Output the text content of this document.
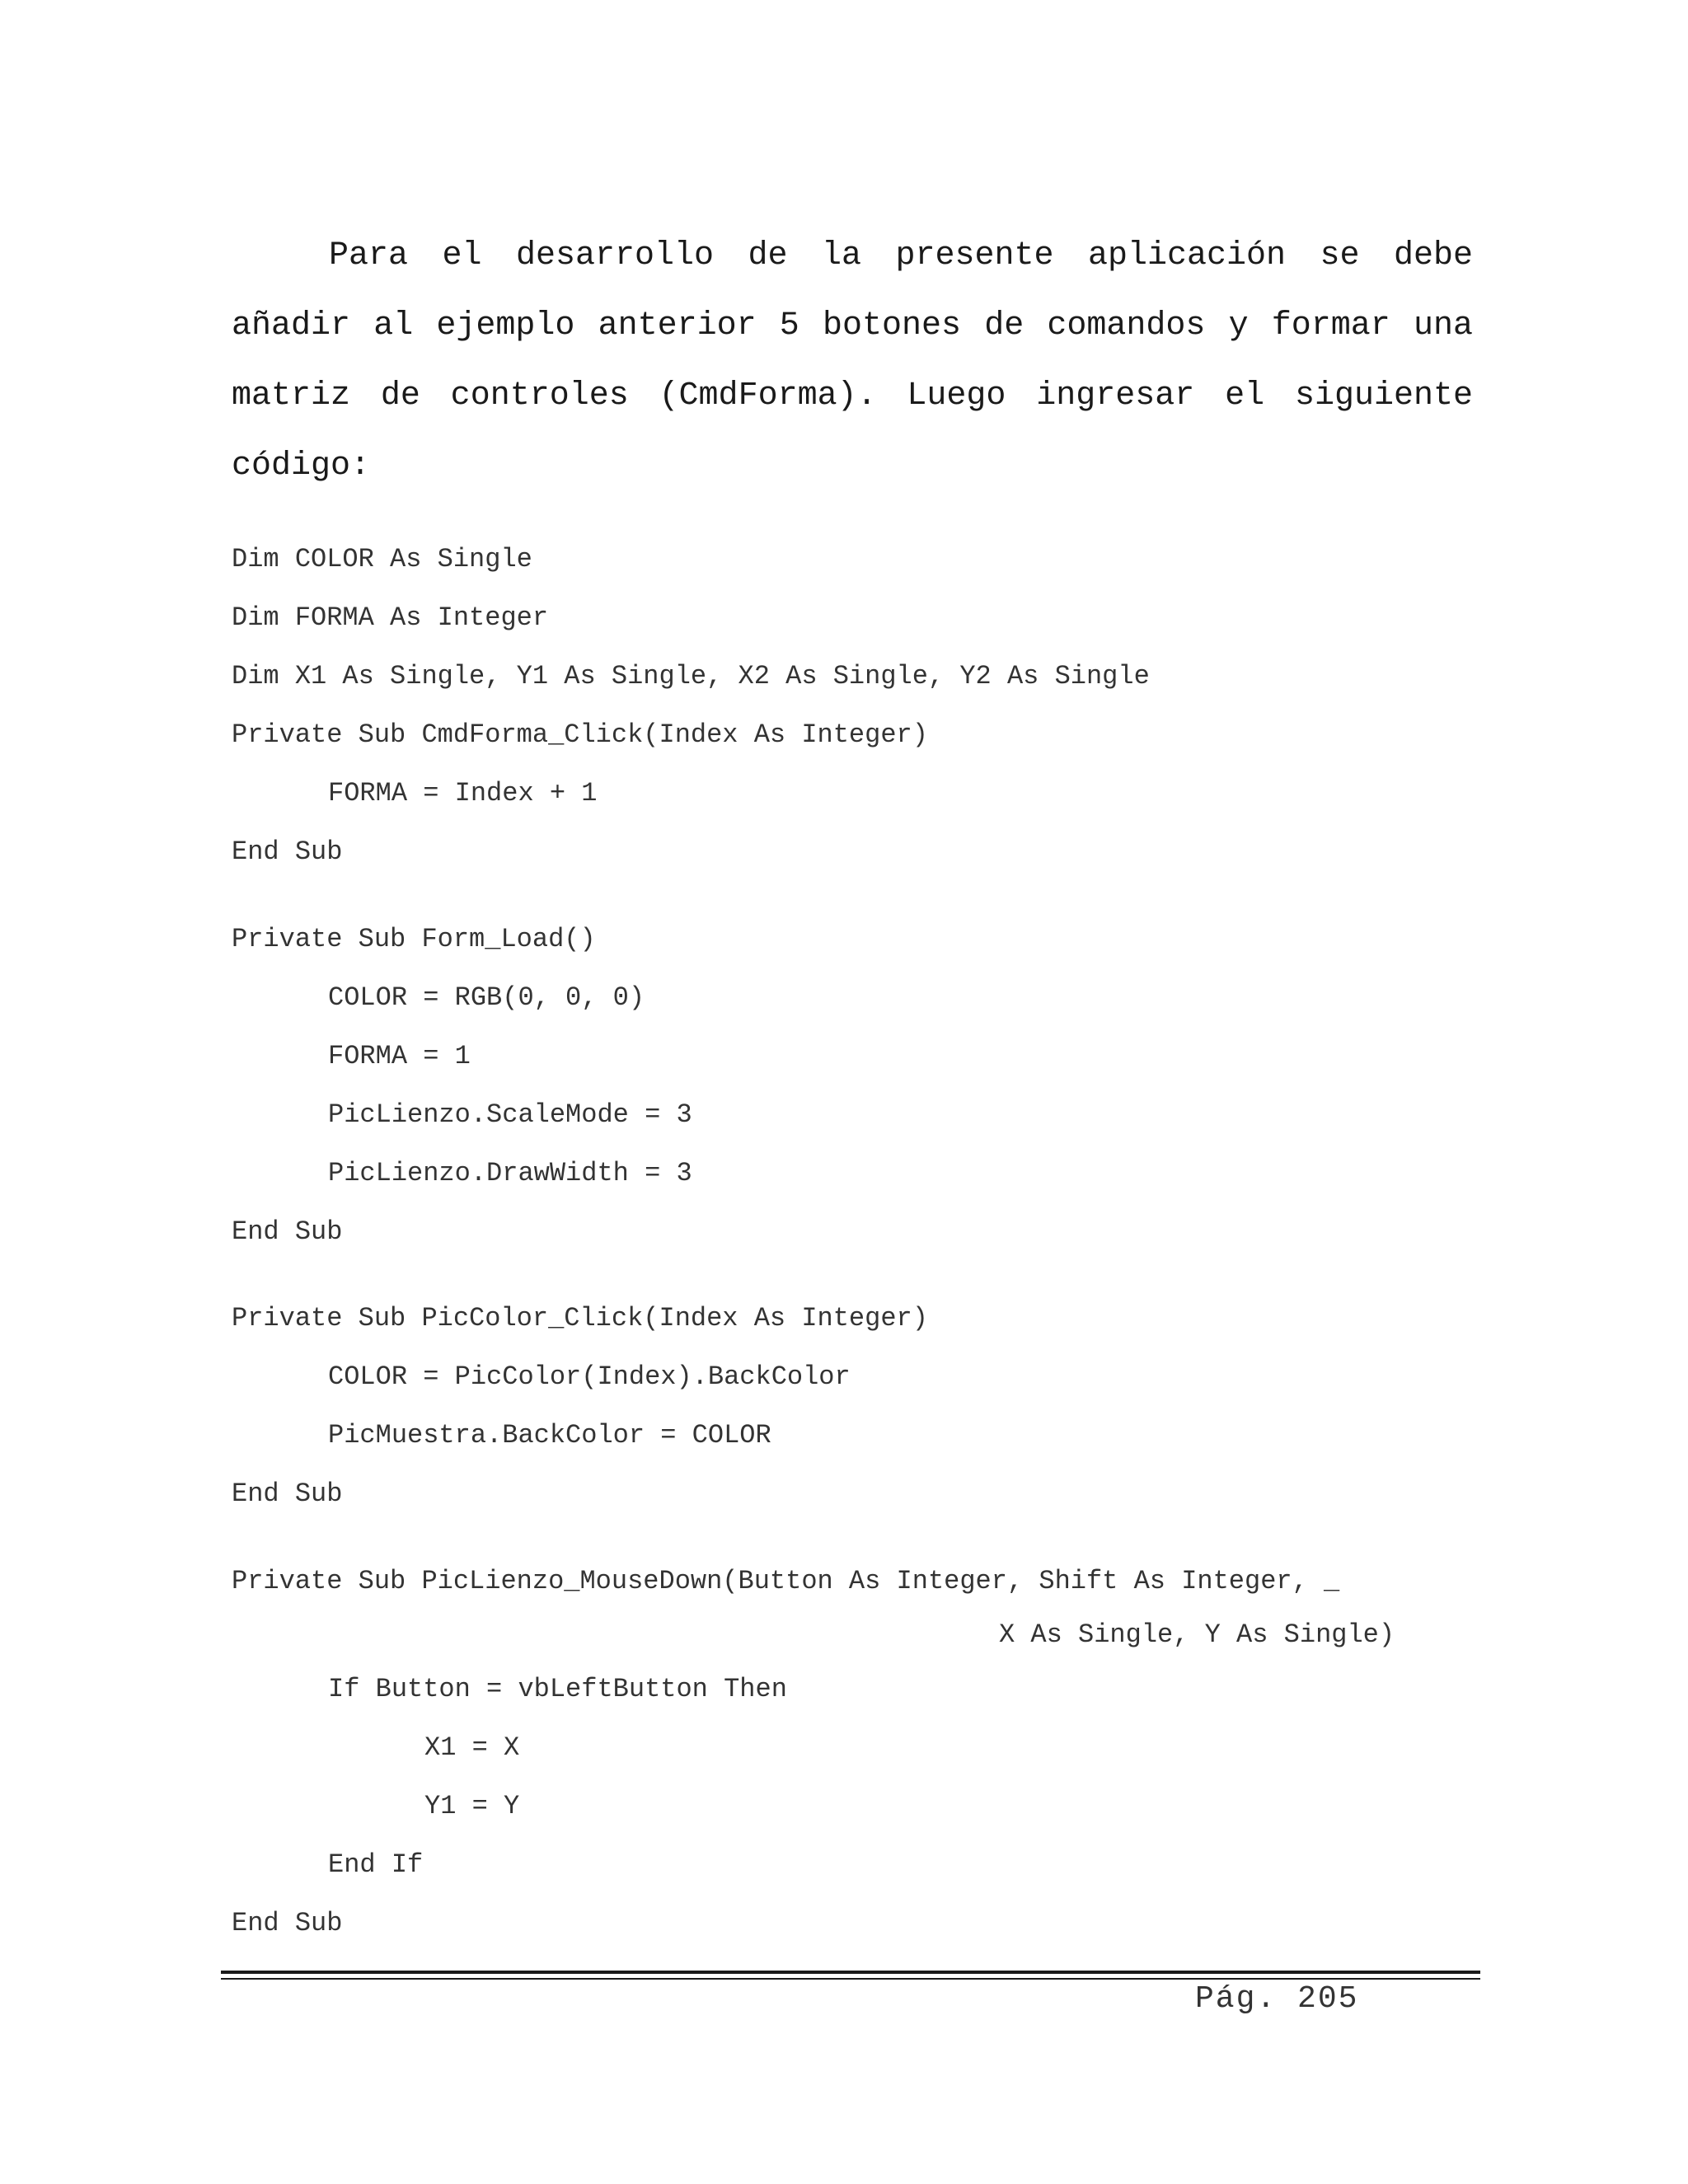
Para el desarrollo de la presente aplicación se debe añadir al ejemplo anterior 5 botones de comandos y formar una matriz de controles (CmdForma). Luego ingresar el siguiente código:

Dim COLOR As Single
Dim FORMA As Integer
Dim X1 As Single, Y1 As Single, X2 As Single, Y2 As Single
Private Sub CmdForma_Click(Index As Integer)
FORMA = Index + 1
End Sub
Private Sub Form_Load()
COLOR = RGB(0, 0, 0)
FORMA = 1
PicLienzo.ScaleMode = 3
PicLienzo.DrawWidth = 3
End Sub
Private Sub PicColor_Click(Index As Integer)
COLOR = PicColor(Index).BackColor
PicMuestra.BackColor = COLOR
End Sub
Private Sub PicLienzo_MouseDown(Button As Integer, Shift As Integer, _
X As Single, Y As Single)
If Button = vbLeftButton Then
X1 = X
Y1 = Y
End If
End Sub
Pág. 205
